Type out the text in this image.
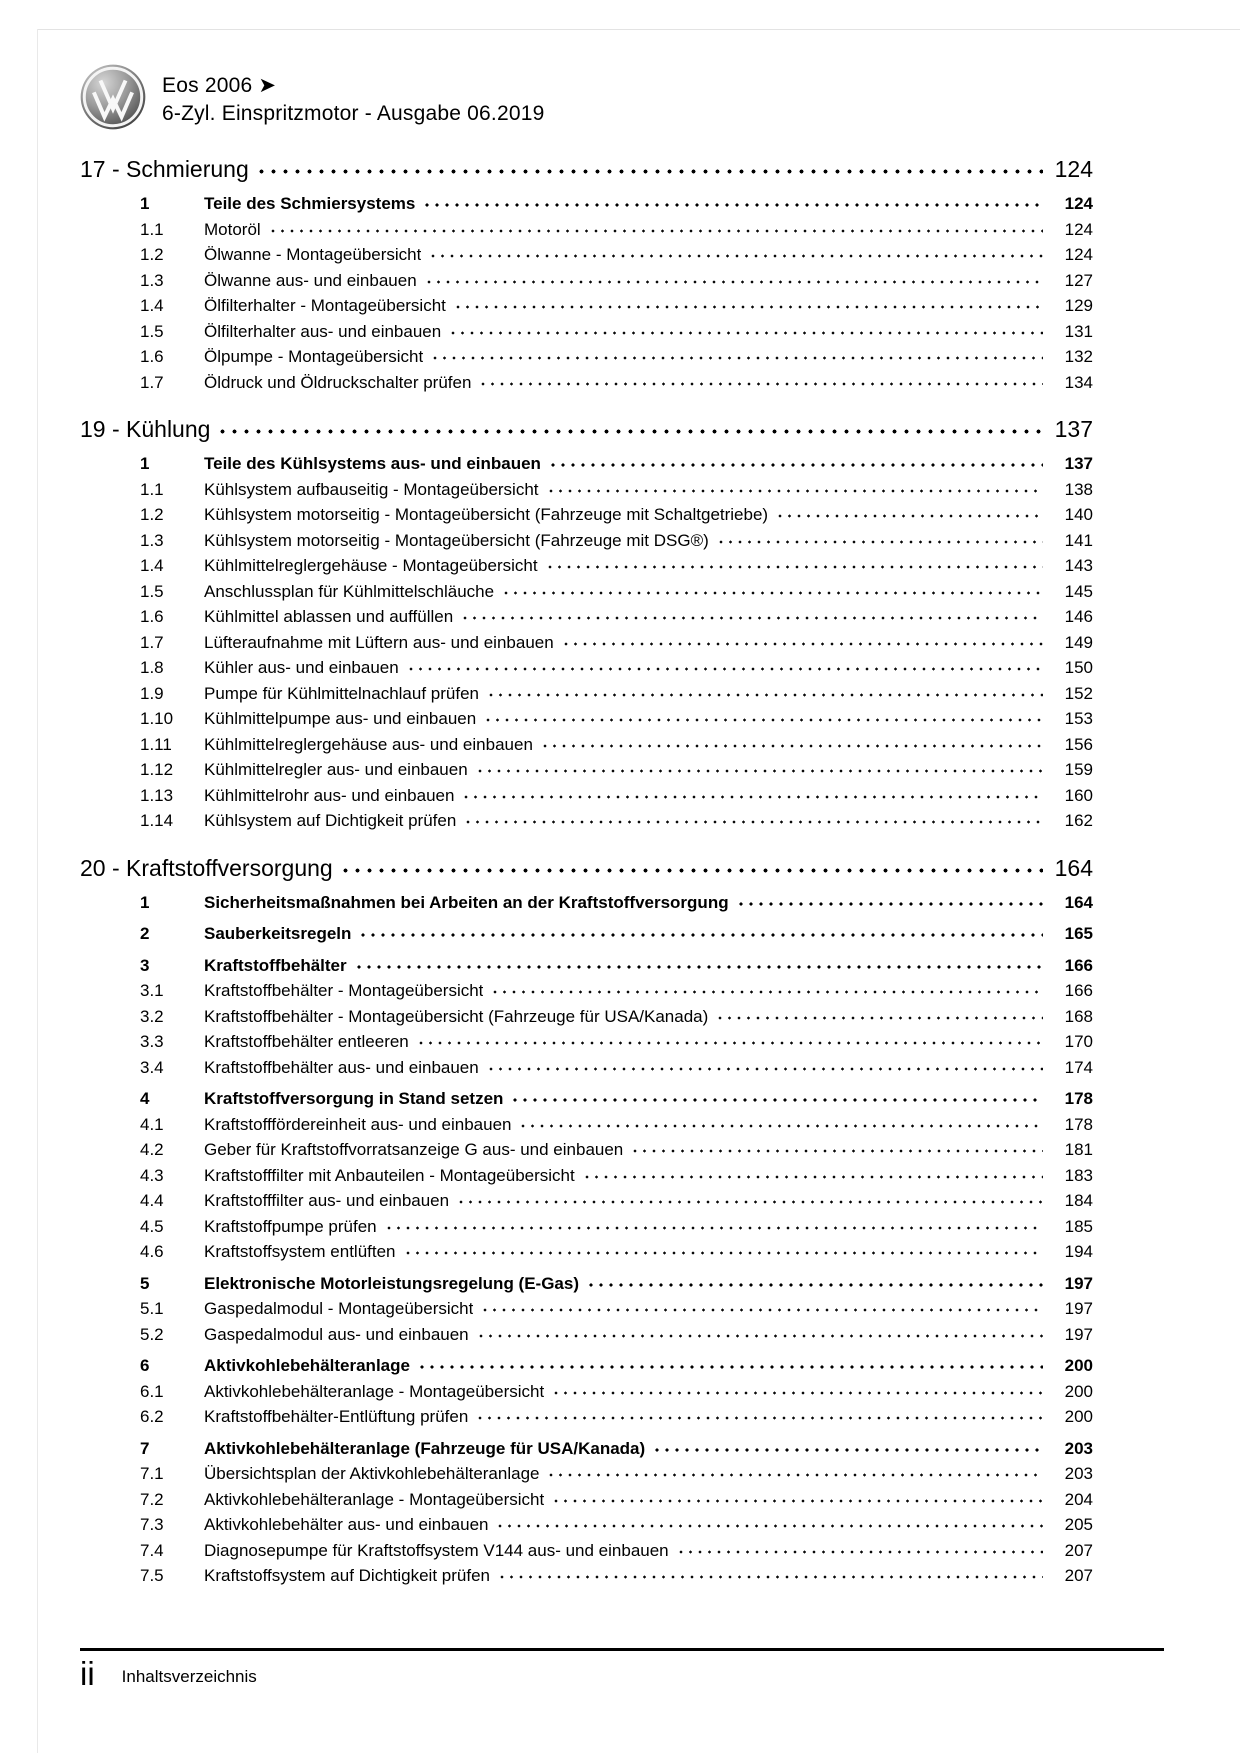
Eos 2006 ➤
6-Zyl. Einspritzmotor - Ausgabe 06.2019
17 - Schmierung	124
1	Teile des Schmiersystems	124
1.1	Motoröl	124
1.2	Ölwanne - Montageübersicht	124
1.3	Ölwanne aus- und einbauen	127
1.4	Ölfilterhalter - Montageübersicht	129
1.5	Ölfilterhalter aus- und einbauen	131
1.6	Ölpumpe - Montageübersicht	132
1.7	Öldruck und Öldruckschalter prüfen	134
19 - Kühlung	137
1	Teile des Kühlsystems aus- und einbauen	137
1.1	Kühlsystem aufbauseitig - Montageübersicht	138
1.2	Kühlsystem motorseitig - Montageübersicht (Fahrzeuge mit Schaltgetriebe)	140
1.3	Kühlsystem motorseitig - Montageübersicht (Fahrzeuge mit DSG®)	141
1.4	Kühlmittelreglergehäuse - Montageübersicht	143
1.5	Anschlussplan für Kühlmittelschläuche	145
1.6	Kühlmittel ablassen und auffüllen	146
1.7	Lüfteraufnahme mit Lüftern aus- und einbauen	149
1.8	Kühler aus- und einbauen	150
1.9	Pumpe für Kühlmittelnachlauf prüfen	152
1.10	Kühlmittelpumpe aus- und einbauen	153
1.11	Kühlmittelreglergehäuse aus- und einbauen	156
1.12	Kühlmittelregler aus- und einbauen	159
1.13	Kühlmittelrohr aus- und einbauen	160
1.14	Kühlsystem auf Dichtigkeit prüfen	162
20 - Kraftstoffversorgung	164
1	Sicherheitsmaßnahmen bei Arbeiten an der Kraftstoffversorgung	164
2	Sauberkeitsregeln	165
3	Kraftstoffbehälter	166
3.1	Kraftstoffbehälter - Montageübersicht	166
3.2	Kraftstoffbehälter - Montageübersicht (Fahrzeuge für USA/Kanada)	168
3.3	Kraftstoffbehälter entleeren	170
3.4	Kraftstoffbehälter aus- und einbauen	174
4	Kraftstoffversorgung in Stand setzen	178
4.1	Kraftstofffördereinheit aus- und einbauen	178
4.2	Geber für Kraftstoffvorratsanzeige G aus- und einbauen	181
4.3	Kraftstofffilter mit Anbauteilen - Montageübersicht	183
4.4	Kraftstofffilter aus- und einbauen	184
4.5	Kraftstoffpumpe prüfen	185
4.6	Kraftstoffsystem entlüften	194
5	Elektronische Motorleistungsregelung (E-Gas)	197
5.1	Gaspedalmodul - Montageübersicht	197
5.2	Gaspedalmodul aus- und einbauen	197
6	Aktivkohlebehälteranlage	200
6.1	Aktivkohlebehälteranlage - Montageübersicht	200
6.2	Kraftstoffbehälter-Entlüftung prüfen	200
7	Aktivkohlebehälteranlage (Fahrzeuge für USA/Kanada)	203
7.1	Übersichtsplan der Aktivkohlebehälteranlage	203
7.2	Aktivkohlebehälteranlage - Montageübersicht	204
7.3	Aktivkohlebehälter aus- und einbauen	205
7.4	Diagnosepumpe für Kraftstoffsystem V144 aus- und einbauen	207
7.5	Kraftstoffsystem auf Dichtigkeit prüfen	207
ii Inhaltsverzeichnis
